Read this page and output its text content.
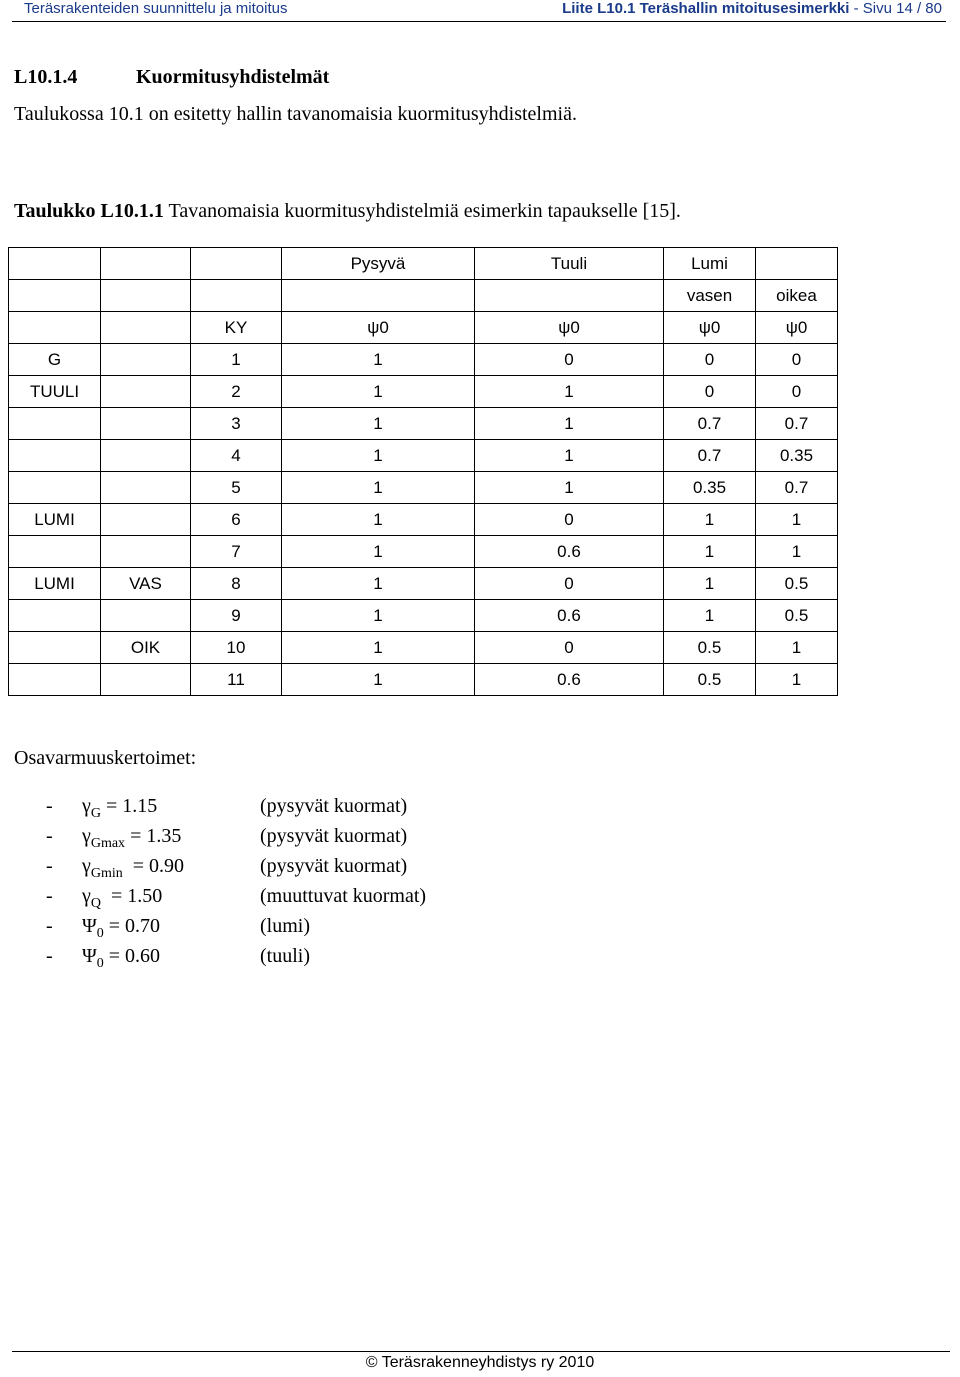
Teräsrakenteiden suunnittelu ja mitoitus	Liite L10.1 Teräshallin mitoitusesimerkki - Sivu 14 / 80
L10.1.4	Kuormitusyhdistelmät
Taulukossa 10.1 on esitetty hallin tavanomaisia kuormitusyhdistelmiä.
Taulukko L10.1.1 Tavanomaisia kuormitusyhdistelmiä esimerkin tapaukselle [15].
			Pysyvä	Tuuli	Lumi	
					vasen	oikea
		KY	ψ0	ψ0	ψ0	ψ0
G		1	1	0	0	0
TUULI		2	1	1	0	0
		3	1	1	0.7	0.7
		4	1	1	0.7	0.35
		5	1	1	0.35	0.7
LUMI		6	1	0	1	1
		7	1	0.6	1	1
LUMI	VAS	8	1	0	1	0.5
		9	1	0.6	1	0.5
	OIK	10	1	0	0.5	1
		11	1	0.6	0.5	1
Osavarmuuskertoimet:
- $\gamma_G = 1.15$	(pysyvät kuormat)
- $\gamma_{Gmax} = 1.35$	(pysyvät kuormat)
- $\gamma_{Gmin} = 0.90$	(pysyvät kuormat)
- $\gamma_Q = 1.50$	(muuttuvat kuormat)
- $\Psi_0 = 0.70$	(lumi)
- $\Psi_0 = 0.60$	(tuuli)
© Teräsrakenneyhdistys ry 2010
